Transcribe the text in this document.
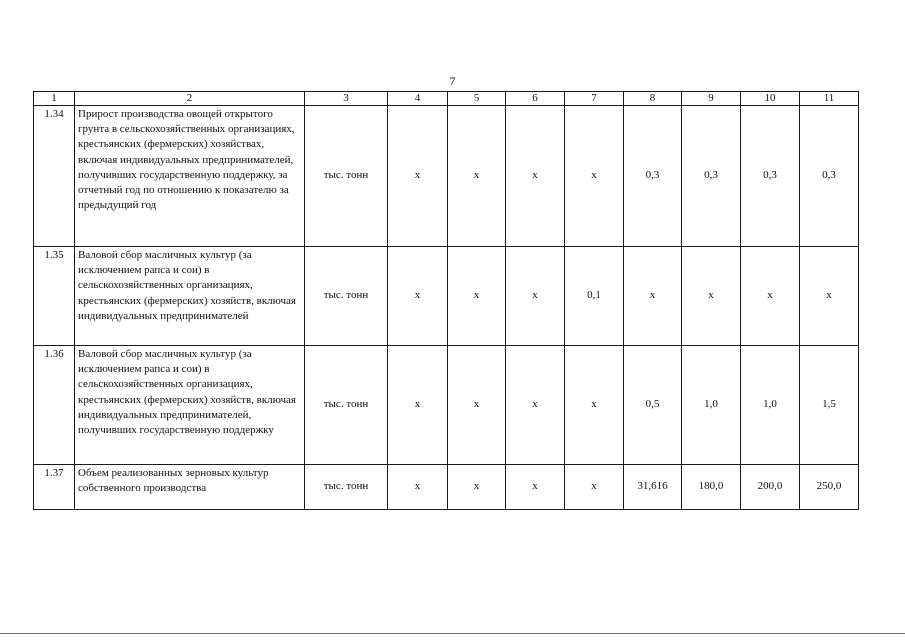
7
1	2	3	4	5	6	7	8	9	10	11
1.34	Прирост производства овощей открытого грунта в сельскохозяйственных организациях, крестьянских (фермерских) хозяйствах, включая индивидуальных предпринимателей, получивших государственную поддержку, за отчетный год по отношению к показателю за предыдущий год	тыс. тонн	х	х	х	х	0,3	0,3	0,3	0,3
1.35	Валовой сбор масличных культур (за исключением рапса и сои) в сельскохозяйственных организациях, крестьянских (фермерских) хозяйств, включая индивидуальных предпринимателей	тыс. тонн	х	х	х	0,1	х	х	х	х
1.36	Валовой сбор масличных культур (за исключением рапса и сои) в сельскохозяйственных организациях, крестьянских (фермерских) хозяйств, включая индивидуальных предпринимателей, получивших государственную поддержку	тыс. тонн	х	х	х	х	0,5	1,0	1,0	1,5
1.37	Объем реализованных зерновых культур собственного производства	тыс. тонн	х	х	х	х	31,616	180,0	200,0	250,0
